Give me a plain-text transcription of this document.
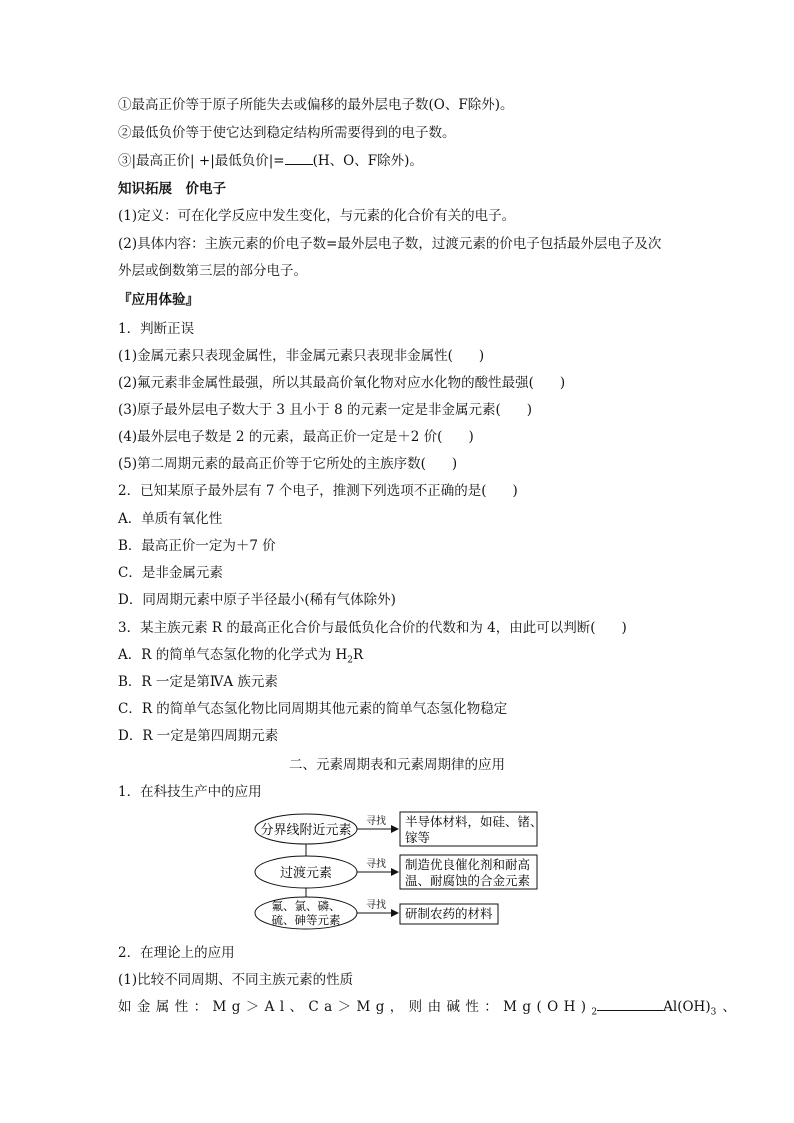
①最高正价等于原子所能失去或偏移的最外层电子数(O、F除外)。
②最低负价等于使它达到稳定结构所需要得到的电子数。
③|最高正价| +|最低负价|= (H、O、F除外)。
知识拓展　价电子
(1)定义：可在化学反应中发生变化，与元素的化合价有关的电子。
(2)具体内容：主族元素的价电子数=最外层电子数，过渡元素的价电子包括最外层电子及次
外层或倒数第三层的部分电子。
『应用体验』
1．判断正误
(1)金属元素只表现金属性，非金属元素只表现非金属性( )
(2)氟元素非金属性最强，所以其最高价氧化物对应水化物的酸性最强( )
(3)原子最外层电子数大于 3 且小于 8 的元素一定是非金属元素( )
(4)最外层电子数是 2 的元素，最高正价一定是＋2 价( )
(5)第二周期元素的最高正价等于它所处的主族序数( )
2．已知某原子最外层有 7 个电子，推测下列选项不正确的是( )
A．单质有氧化性
B．最高正价一定为＋7 价
C．是非金属元素
D．同周期元素中原子半径最小(稀有气体除外)
3．某主族元素 R 的最高正化合价与最低负化合价的代数和为 4，由此可以判断( )
A．R 的简单气态氢化物的化学式为 $H_2R$
B．R 一定是第ⅣA 族元素
C．R 的简单气态氢化物比同周期其他元素的简单气态氢化物稳定
D．R 一定是第四周期元素
二、元素周期表和元素周期律的应用
1．在科技生产中的应用
分界线附近元素
寻找 半导体材料，如硅、锗、
镓等
过渡元素
寻找 制造优良催化剂和耐高
温、耐腐蚀的合金元素
氟、氯、磷、
硫、砷等元素
寻找
研制农药的材料
2．在理论上的应用
(1)比较不同周期、不同主族元素的性质
如金属性：Mg＞Al、Ca＞Mg，则由碱性：$Mg(OH)_2$	$Al(OH)_3$ 、
